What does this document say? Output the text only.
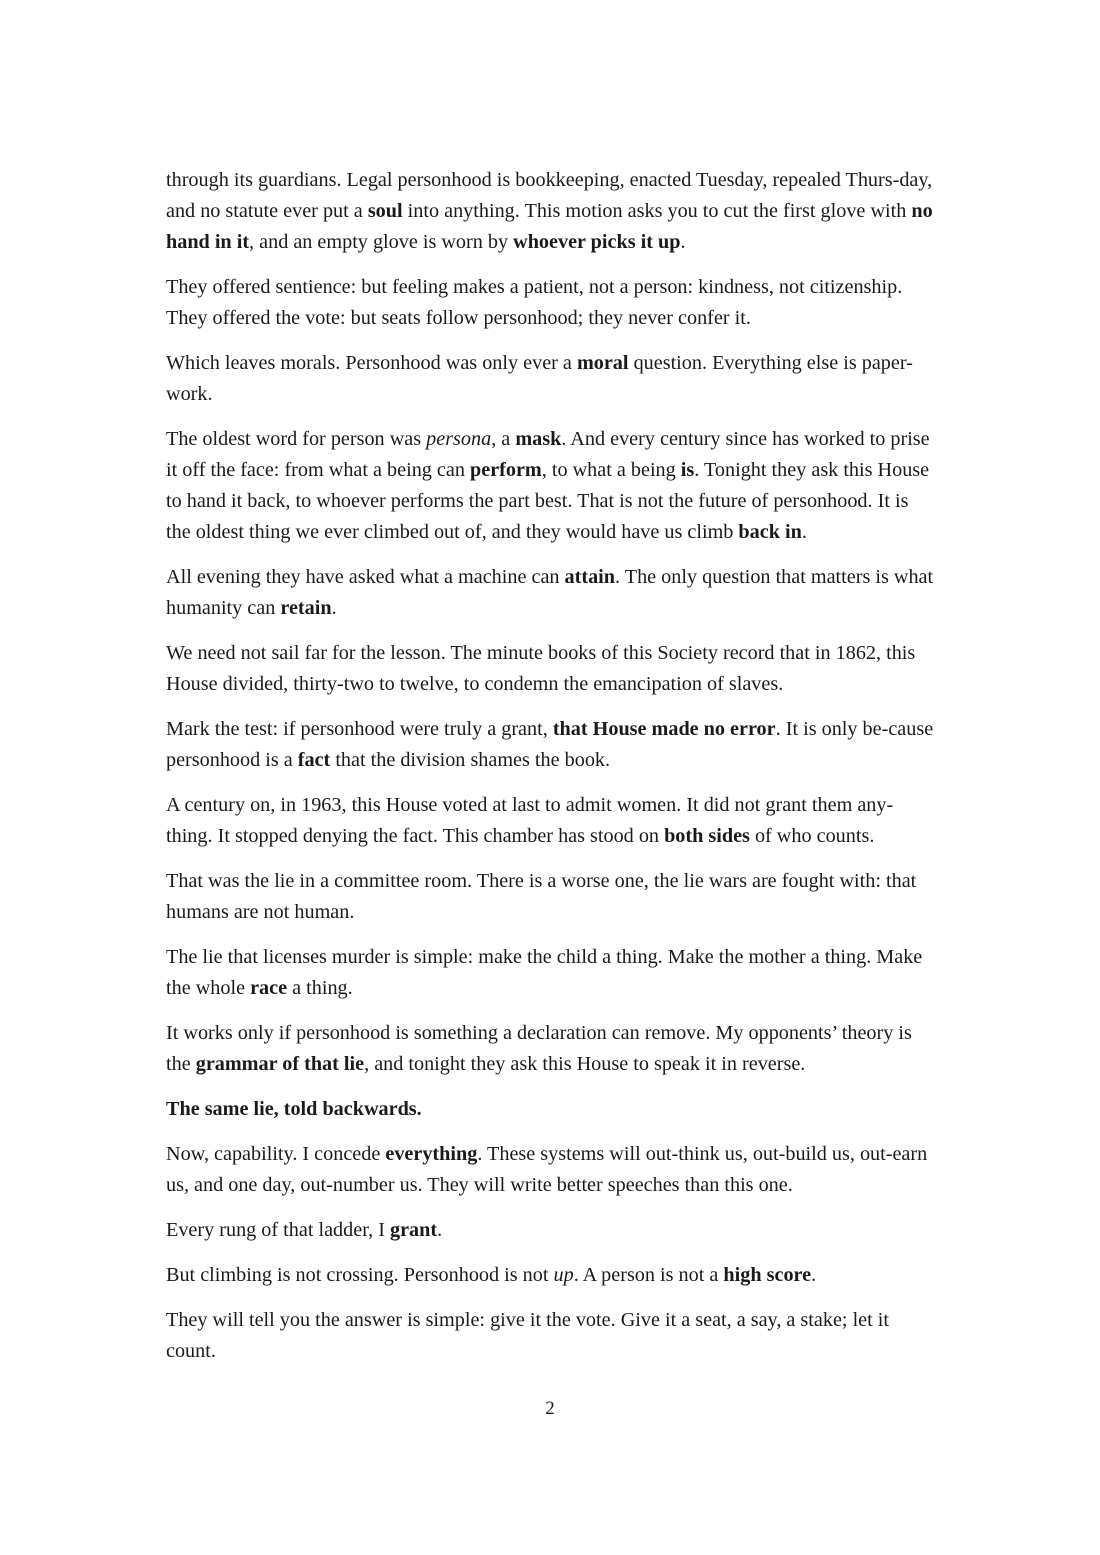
through its guardians. Legal personhood is bookkeeping, enacted Tuesday, repealed Thurs-day, and no statute ever put a soul into anything. This motion asks you to cut the first glove with no hand in it, and an empty glove is worn by whoever picks it up.

They offered sentience: but feeling makes a patient, not a person: kindness, not citizenship. They offered the vote: but seats follow personhood; they never confer it.

Which leaves morals. Personhood was only ever a moral question. Everything else is paper-work.

The oldest word for person was persona, a mask. And every century since has worked to prise it off the face: from what a being can perform, to what a being is. Tonight they ask this House to hand it back, to whoever performs the part best. That is not the future of personhood. It is the oldest thing we ever climbed out of, and they would have us climb back in.

All evening they have asked what a machine can attain. The only question that matters is what humanity can retain.

We need not sail far for the lesson. The minute books of this Society record that in 1862, this House divided, thirty-two to twelve, to condemn the emancipation of slaves.

Mark the test: if personhood were truly a grant, that House made no error. It is only be-cause personhood is a fact that the division shames the book.

A century on, in 1963, this House voted at last to admit women. It did not grant them any-thing. It stopped denying the fact. This chamber has stood on both sides of who counts.

That was the lie in a committee room. There is a worse one, the lie wars are fought with: that humans are not human.

The lie that licenses murder is simple: make the child a thing. Make the mother a thing. Make the whole race a thing.

It works only if personhood is something a declaration can remove. My opponents’ theory is the grammar of that lie, and tonight they ask this House to speak it in reverse.

The same lie, told backwards.

Now, capability. I concede everything. These systems will out-think us, out-build us, out-earn us, and one day, out-number us. They will write better speeches than this one.

Every rung of that ladder, I grant.

But climbing is not crossing. Personhood is not up. A person is not a high score.

They will tell you the answer is simple: give it the vote. Give it a seat, a say, a stake; let it count.

2
